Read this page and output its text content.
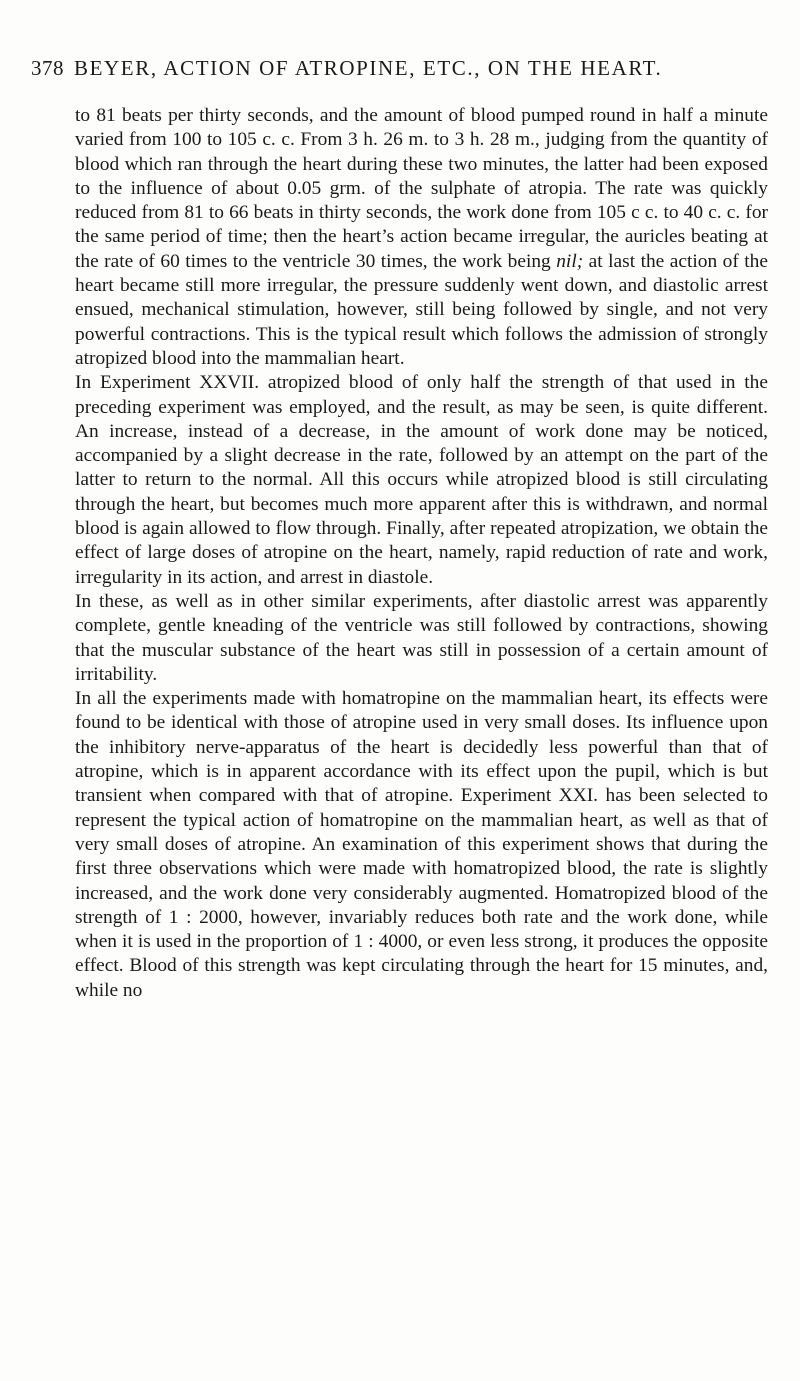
378 BEYER, ACTION OF ATROPINE, ETC., ON THE HEART.

to 81 beats per thirty seconds, and the amount of blood pumped round in half a minute varied from 100 to 105 c. c. From 3 h. 26 m. to 3 h. 28 m., judging from the quantity of blood which ran through the heart during these two minutes, the latter had been exposed to the influence of about 0.05 grm. of the sulphate of atropia. The rate was quickly reduced from 81 to 66 beats in thirty seconds, the work done from 105 c c. to 40 c. c. for the same period of time; then the heart’s action became irregular, the auricles beating at the rate of 60 times to the ventricle 30 times, the work being nil; at last the action of the heart became still more irregular, the pressure suddenly went down, and diastolic arrest ensued, mechanical stimulation, however, still being followed by single, and not very powerful contractions. This is the typical result which follows the admission of strongly atropized blood into the mammalian heart.

In Experiment XXVII. atropized blood of only half the strength of that used in the preceding experiment was employed, and the result, as may be seen, is quite different. An increase, instead of a decrease, in the amount of work done may be noticed, accompanied by a slight decrease in the rate, followed by an attempt on the part of the latter to return to the normal. All this occurs while atropized blood is still circulating through the heart, but becomes much more apparent after this is withdrawn, and normal blood is again allowed to flow through. Finally, after repeated atropization, we obtain the effect of large doses of atropine on the heart, namely, rapid reduction of rate and work, irregularity in its action, and arrest in diastole.

In these, as well as in other similar experiments, after diastolic arrest was apparently complete, gentle kneading of the ventricle was still followed by contractions, showing that the muscular substance of the heart was still in possession of a certain amount of irritability.

In all the experiments made with homatropine on the mammalian heart, its effects were found to be identical with those of atropine used in very small doses. Its influence upon the inhibitory nerve-apparatus of the heart is decidedly less powerful than that of atropine, which is in apparent accordance with its effect upon the pupil, which is but transient when compared with that of atropine. Experiment XXI. has been selected to represent the typical action of homatropine on the mammalian heart, as well as that of very small doses of atropine. An examination of this experiment shows that during the first three observations which were made with homatropized blood, the rate is slightly increased, and the work done very considerably augmented. Homatropized blood of the strength of 1 : 2000, however, invariably reduces both rate and the work done, while when it is used in the proportion of 1 : 4000, or even less strong, it produces the opposite effect. Blood of this strength was kept circulating through the heart for 15 minutes, and, while no
